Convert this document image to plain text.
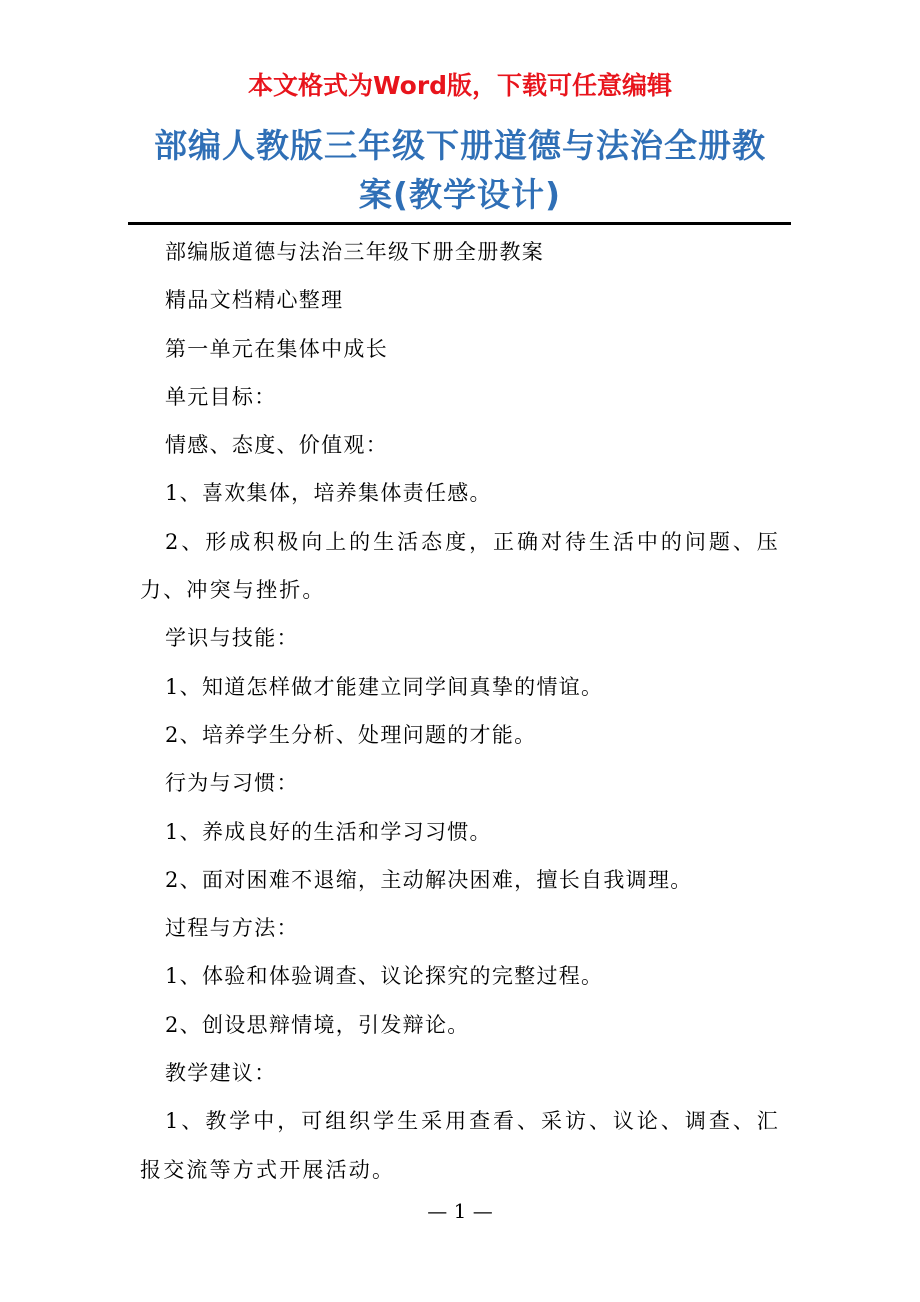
本文格式为Word版，下载可任意编辑
部编人教版三年级下册道德与法治全册教案(教学设计)

部编版道德与法治三年级下册全册教案

精品文档精心整理

第一单元在集体中成长

单元目标：

情感、态度、价值观：

1、喜欢集体，培养集体责任感。

2、形成积极向上的生活态度，正确对待生活中的问题、压力、冲突与挫折。

学识与技能：

1、知道怎样做才能建立同学间真挚的情谊。

2、培养学生分析、处理问题的才能。

行为与习惯：

1、养成良好的生活和学习习惯。

2、面对困难不退缩，主动解决困难，擅长自我调理。

过程与方法：

1、体验和体验调查、议论探究的完整过程。

2、创设思辩情境，引发辩论。

教学建议：

1、教学中，可组织学生采用查看、采访、议论、调查、汇报交流等方式开展活动。

— 1 —
